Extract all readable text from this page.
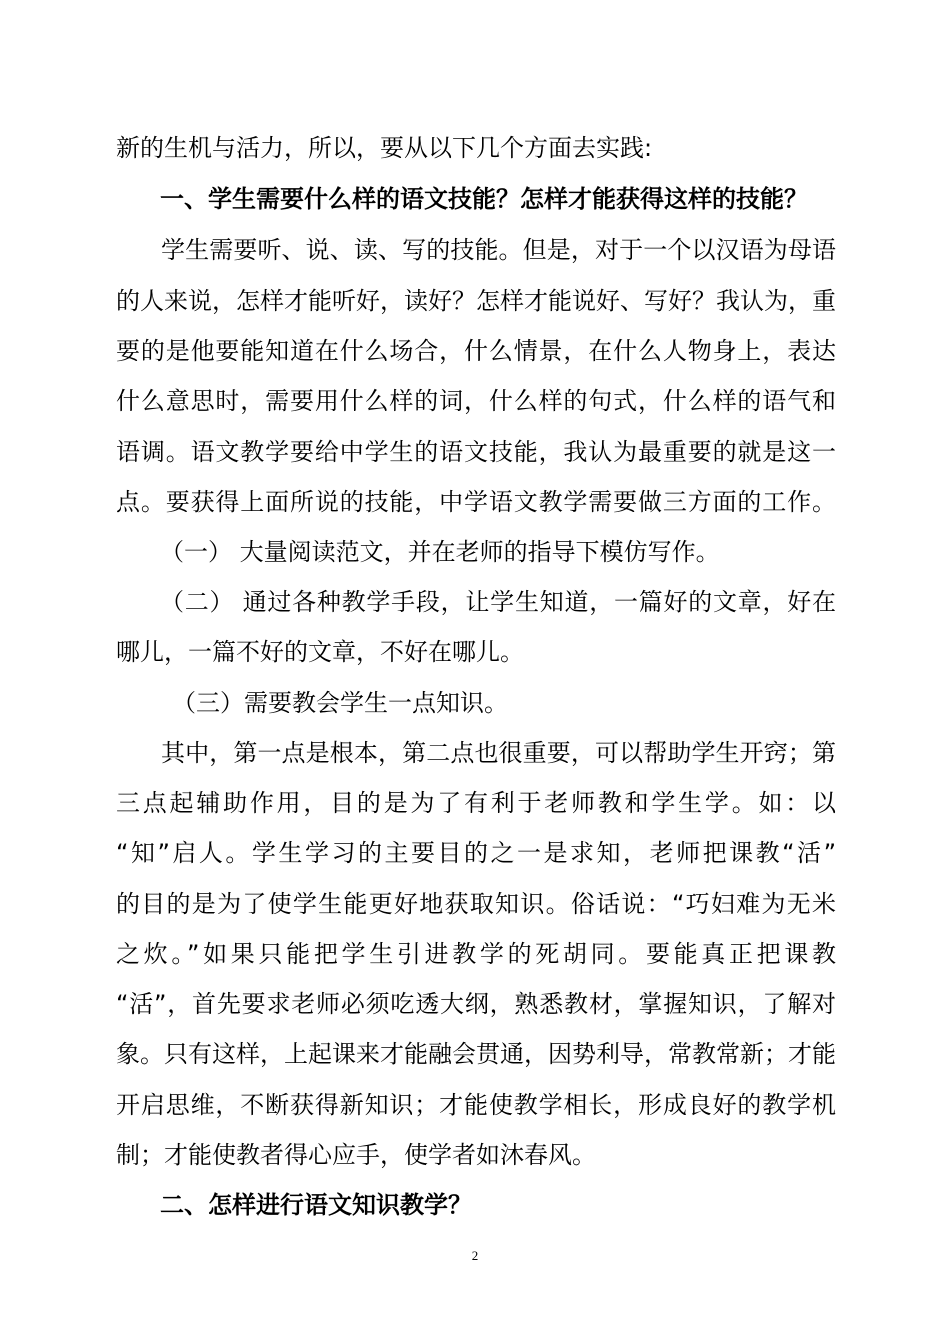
新的生机与活力，所以，要从以下几个方面去实践:
一、学生需要什么样的语文技能？怎样才能获得这样的技能？
学生需要听、说、读、写的技能。但是，对于一个以汉语为母语
的人来说，怎样才能听好，读好？怎样才能说好、写好？我认为，重
要的是他要能知道在什么场合，什么情景，在什么人物身上，表达
什么意思时，需要用什么样的词，什么样的句式，什么样的语气和
语调。语文教学要给中学生的语文技能，我认为最重要的就是这一
点。要获得上面所说的技能，中学语文教学需要做三方面的工作。
（一） 大量阅读范文，并在老师的指导下模仿写作。
（二） 通过各种教学手段，让学生知道，一篇好的文章，好在
哪儿，一篇不好的文章，不好在哪儿。
（三）需要教会学生一点知识。
其中，第一点是根本，第二点也很重要，可以帮助学生开窍；第
三点起辅助作用，目的是为了有利于老师教和学生学。如：以
“知”启人。学生学习的主要目的之一是求知，老师把课教“活”
的目的是为了使学生能更好地获取知识。俗话说：“巧妇难为无米
之炊。”如果只能把学生引进教学的死胡同。要能真正把课教
“活”，首先要求老师必须吃透大纲，熟悉教材，掌握知识，了解对
象。只有这样，上起课来才能融会贯通，因势利导，常教常新；才能
开启思维，不断获得新知识；才能使教学相长，形成良好的教学机
制；才能使教者得心应手，使学者如沐春风。
二、怎样进行语文知识教学？
2
